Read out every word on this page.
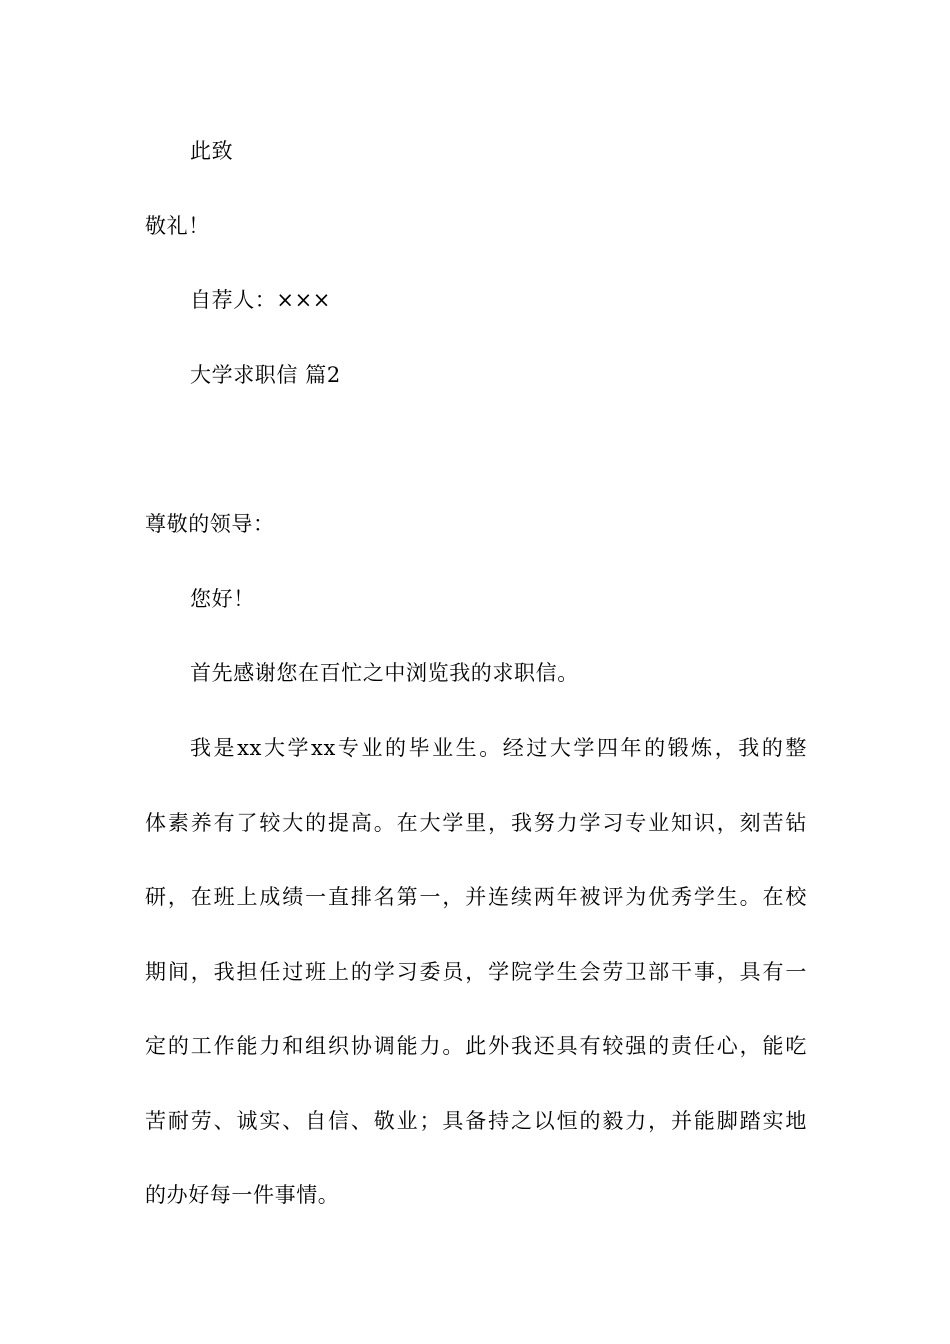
此致
敬礼！
自荐人：×××
大学求职信 篇2
尊敬的领导：
您好！
首先感谢您在百忙之中浏览我的求职信。
我是xx大学xx专业的毕业生。经过大学四年的锻炼，我的整
体素养有了较大的提高。在大学里，我努力学习专业知识，刻苦钻
研，在班上成绩一直排名第一，并连续两年被评为优秀学生。在校
期间，我担任过班上的学习委员，学院学生会劳卫部干事，具有一
定的工作能力和组织协调能力。此外我还具有较强的责任心，能吃
苦耐劳、诚实、自信、敬业；具备持之以恒的毅力，并能脚踏实地
的办好每一件事情。
